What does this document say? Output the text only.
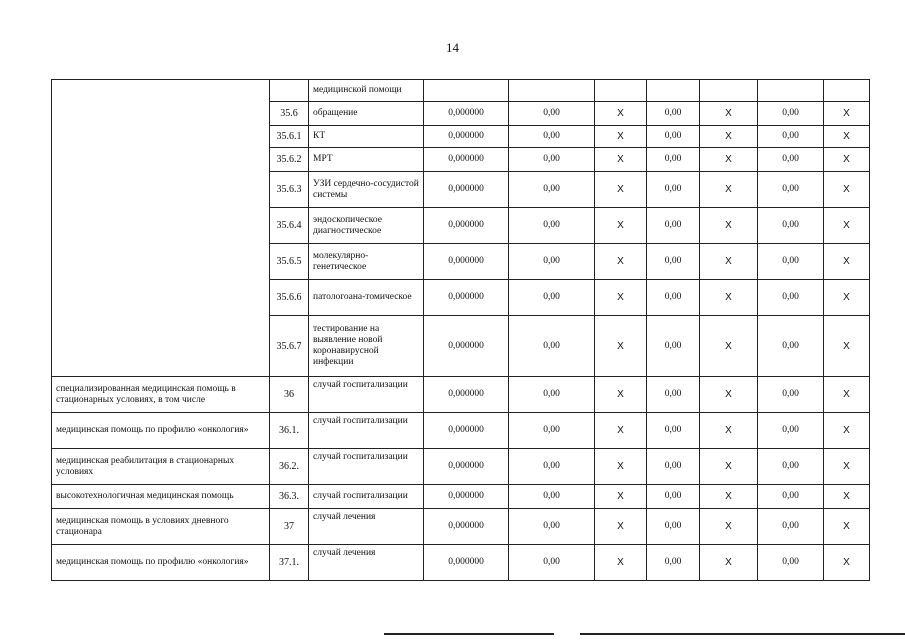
14
		медицинской помощи							
	35.6	обращение	0,000000	0,00	X	0,00	X	0,00	X
	35.6.1	КТ	0,000000	0,00	X	0,00	X	0,00	X
	35.6.2	МРТ	0,000000	0,00	X	0,00	X	0,00	X
	35.6.3	УЗИ сердечно-сосудистой системы	0,000000	0,00	X	0,00	X	0,00	X
	35.6.4	эндоскопическое диагностическое	0,000000	0,00	X	0,00	X	0,00	X
	35.6.5	молекулярно-генетическое	0,000000	0,00	X	0,00	X	0,00	X
	35.6.6	патологоана-томическое	0,000000	0,00	X	0,00	X	0,00	X
	35.6.7	тестирование на выявление новой коронавирусной инфекции	0,000000	0,00	X	0,00	X	0,00	X
специализированная медицинская помощь в стационарных условиях, в том числе	36	случай госпитализации	0,000000	0,00	X	0,00	X	0,00	X
медицинская помощь по профилю «онкология»	36.1.	случай госпитализации	0,000000	0,00	X	0,00	X	0,00	X
медицинская реабилитация в стационарных условиях	36.2.	случай госпитализации	0,000000	0,00	X	0,00	X	0,00	X
высокотехнологичная медицинская помощь	36.3.	случай госпитализации	0,000000	0,00	X	0,00	X	0,00	X
медицинская помощь в условиях дневного стационара	37	случай лечения	0,000000	0,00	X	0,00	X	0,00	X
медицинская помощь по профилю «онкология»	37.1.	случай лечения	0,000000	0,00	X	0,00	X	0,00	X
